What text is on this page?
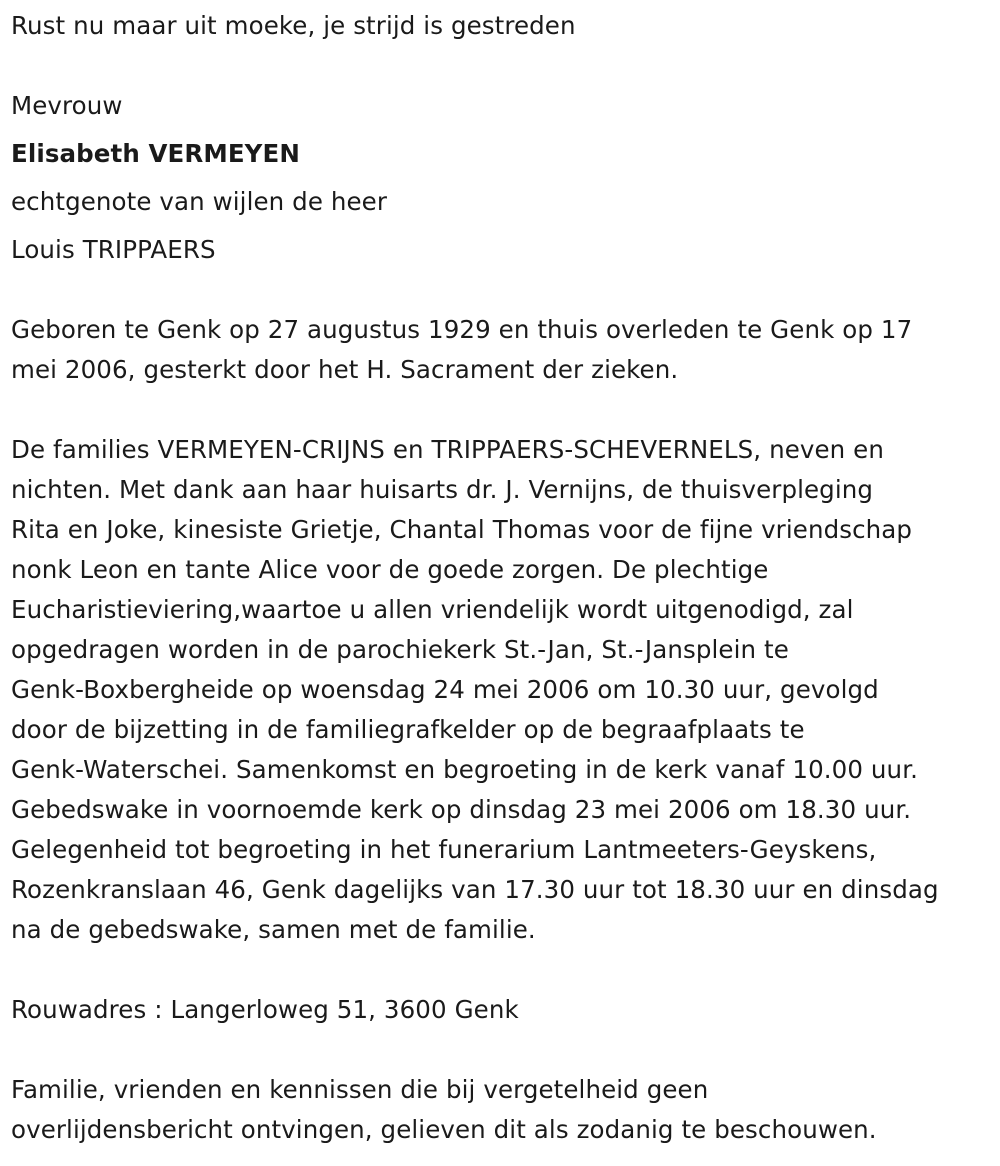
Rust nu maar uit moeke, je strijd is gestreden

Mevrouw

Elisabeth VERMEYEN

echtgenote van wijlen de heer

Louis TRIPPAERS

Geboren te Genk op 27 augustus 1929 en thuis overleden te Genk op 17

mei 2006, gesterkt door het H. Sacrament der zieken.

De families VERMEYEN-CRIJNS en TRIPPAERS-SCHEVERNELS, neven en

nichten. Met dank aan haar huisarts dr. J. Vernijns, de thuisverpleging

Rita en Joke, kinesiste Grietje, Chantal Thomas voor de fijne vriendschap

nonk Leon en tante Alice voor de goede zorgen. De plechtige

Eucharistieviering,waartoe u allen vriendelijk wordt uitgenodigd, zal

opgedragen worden in de parochiekerk St.-Jan, St.-Jansplein te

Genk-Boxbergheide op woensdag 24 mei 2006 om 10.30 uur, gevolgd

door de bijzetting in de familiegrafkelder op de begraafplaats te

Genk-Waterschei. Samenkomst en begroeting in de kerk vanaf 10.00 uur.

Gebedswake in voornoemde kerk op dinsdag 23 mei 2006 om 18.30 uur.

Gelegenheid tot begroeting in het funerarium Lantmeeters-Geyskens,

Rozenkranslaan 46, Genk dagelijks van 17.30 uur tot 18.30 uur en dinsdag

na de gebedswake, samen met de familie.

Rouwadres : Langerloweg 51, 3600 Genk

Familie, vrienden en kennissen die bij vergetelheid geen

overlijdensbericht ontvingen, gelieven dit als zodanig te beschouwen.
